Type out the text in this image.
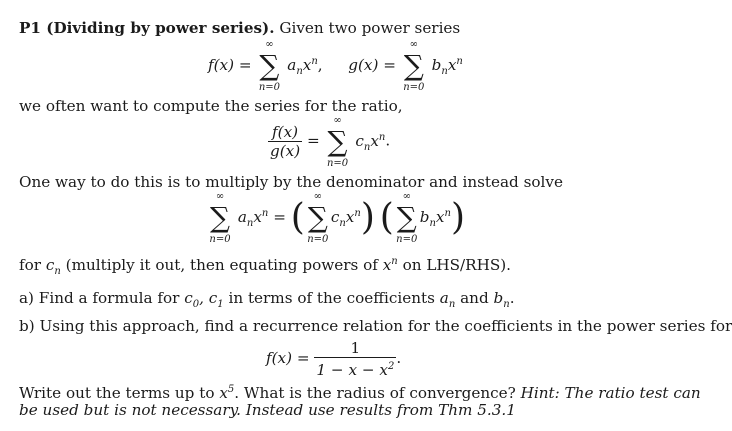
P1 (Dividing by power series). Given two power series
f(x) =
∞
∑
n=0
$a_nx^n$,  g(x) =
∞
∑
n=0
$b_nx^n$
we often want to compute the series for the ratio,
$\frac{f(x)}{g(x)}$ =
∞
∑
n=0
$c_nx^n$.
One way to do this is to multiply by the denominator and instead solve
∞
∑
n=0
$a_nx^n$ = (
∞
∑
n=0
$c_nx^n$) (
∞
∑
n=0
$b_nx^n$)
for $c_n$ (multiply it out, then equating powers of $x^n$ on LHS/RHS).
a) Find a formula for $c_0$, $c_1$ in terms of the coefficients $a_n$ and $b_n$.
b) Using this approach, find a recurrence relation for the coefficients in the power series for
$f(x) = \frac{1}{1 - x - x^2}$ .
Write out the terms up to $x^5$. What is the radius of convergence? Hint: The ratio test can
be used but is not necessary. Instead use results from Thm 5.3.1
